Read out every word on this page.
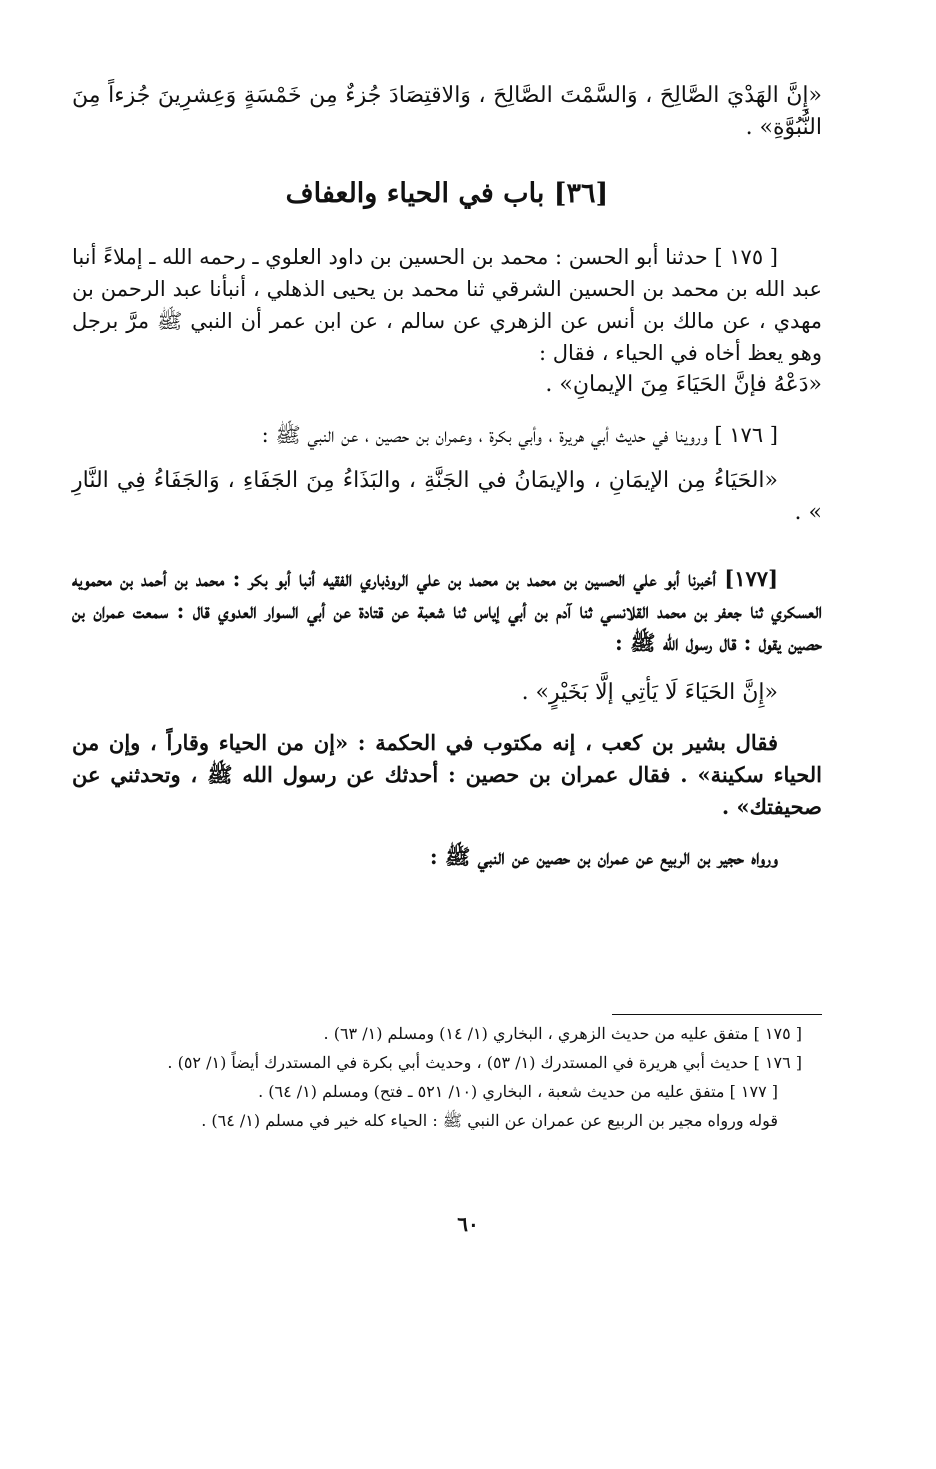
«إِنَّ الهَدْيَ الصَّالِحَ ، وَالسَّمْتَ الصَّالِحَ ، وَالاقتِصَادَ جُزءٌ مِن خَمْسَةٍ وَعِشرِينَ جُزءاً مِنَ النُّبُوَّةِ» .
[٣٦] باب في الحياء والعفاف
[ ١٧٥ ] حدثنا أبو الحسن : محمد بن الحسين بن داود العلوي ـ رحمه الله ـ إملاءً أنبا عبد الله بن محمد بن الحسين الشرقي ثنا محمد بن يحيى الذهلي ، أنبأنا عبد الرحمن بن مهدي ، عن مالك بن أنس عن الزهري عن سالم ، عن ابن عمر أن النبي ﷺ مرَّ برجل وهو يعظ أخاه في الحياء ، فقال :
«دَعْهُ فإنَّ الحَيَاءَ مِنَ الإيمانِ» .
[ ١٧٦ ] وروينا في حديث أبي هريرة ، وأبي بكرة ، وعمران بن حصين ، عن النبي ﷺ :
«الحَيَاءُ مِن الإيمَانِ ، والإيمَانُ في الجَنَّةِ ، والبَذَاءُ مِنَ الجَفَاءِ ، وَالجَفَاءُ فِي النَّارِ » .
[١٧٧] أخبرنا أبو علي الحسين بن محمد بن محمد بن علي الروذباري الفقيه أنبا أبو بكر : محمد بن أحمد بن محمويه العسكري ثنا جعفر بن محمد القلانسي ثنا آدم بن أبي إياس ثنا شعبة عن قتادة عن أبي السوار العدوي قال : سمعت عمران بن حصين يقول : قال رسول الله ﷺ :
«إِنَّ الحَيَاءَ لَا يَأتِي إلَّا بَخَيْرٍ» .
فقال بشير بن كعب ، إنه مكتوب في الحكمة : «إن من الحياء وقاراً ، وإن من الحياء سكينة» . فقال عمران بن حصين : أحدثك عن رسول الله ﷺ ، وتحدثني عن صحيفتك» .
ورواه حجير بن الربيع عن عمران بن حصين عن النبي ﷺ :

[ ١٧٥ ] متفق عليه من حديث الزهري ، البخاري (١/ ١٤) ومسلم (١/ ٦٣) .

[ ١٧٦ ] حديث أبي هريرة في المستدرك (١/ ٥٣) ، وحديث أبي بكرة في المستدرك أيضاً (١/ ٥٢) .

[ ١٧٧ ] متفق عليه من حديث شعبة ، البخاري (١٠/ ٥٢١ ـ فتح) ومسلم (١/ ٦٤) .

قوله ورواه مجير بن الربيع عن عمران عن النبي ﷺ : الحياء كله خير في مسلم (١/ ٦٤) .

٦٠
